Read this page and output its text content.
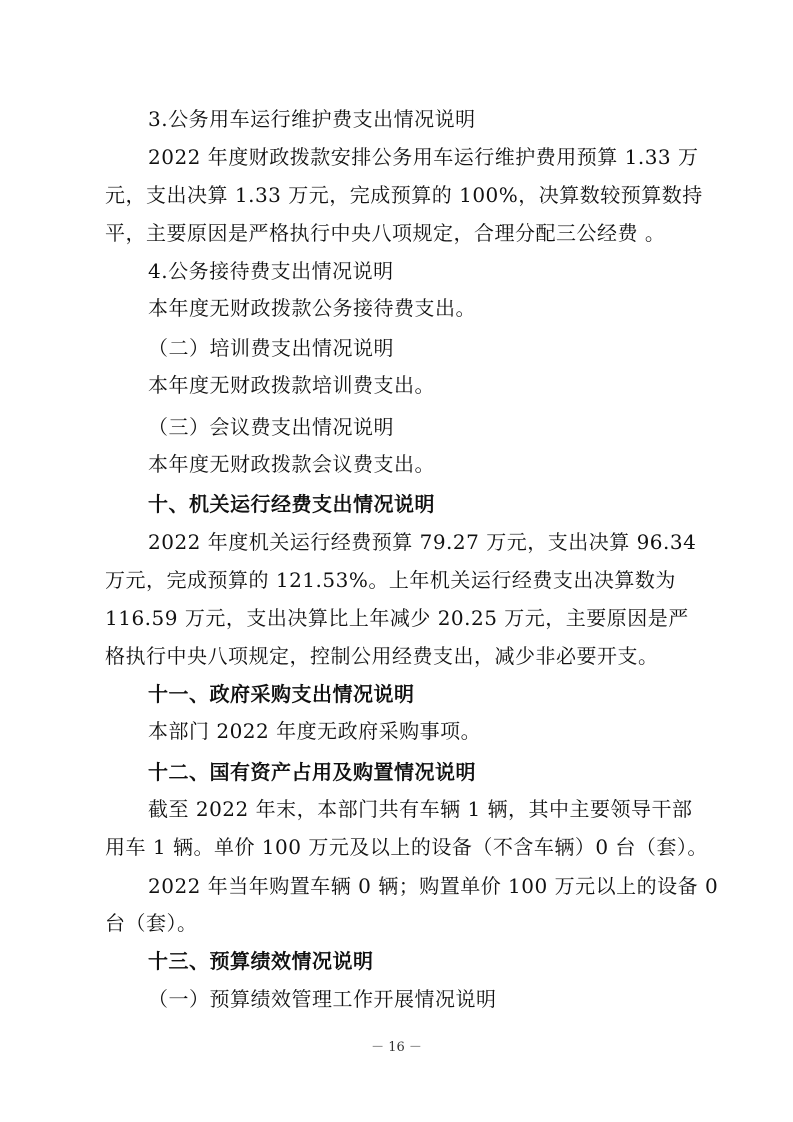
3.公务用车运行维护费支出情况说明
2022 年度财政拨款安排公务用车运行维护费用预算 1.33 万
元，支出决算 1.33 万元，完成预算的 100%，决算数较预算数持
平，主要原因是严格执行中央八项规定，合理分配三公经费 。
4.公务接待费支出情况说明
本年度无财政拨款公务接待费支出。
（二）培训费支出情况说明
本年度无财政拨款培训费支出。
（三）会议费支出情况说明
本年度无财政拨款会议费支出。
十、机关运行经费支出情况说明
2022 年度机关运行经费预算 79.27 万元，支出决算 96.34
万元，完成预算的 121.53%。上年机关运行经费支出决算数为
116.59 万元，支出决算比上年减少 20.25 万元，主要原因是严
格执行中央八项规定，控制公用经费支出，减少非必要开支。
十一、政府采购支出情况说明
本部门 2022 年度无政府采购事项。
十二、国有资产占用及购置情况说明
截至 2022 年末，本部门共有车辆 1 辆，其中主要领导干部
用车 1 辆。单价 100 万元及以上的设备（不含车辆）0 台（套）。
2022 年当年购置车辆 0 辆；购置单价 100 万元以上的设备 0
台（套）。
十三、预算绩效情况说明
（一）预算绩效管理工作开展情况说明
－ 16 －
